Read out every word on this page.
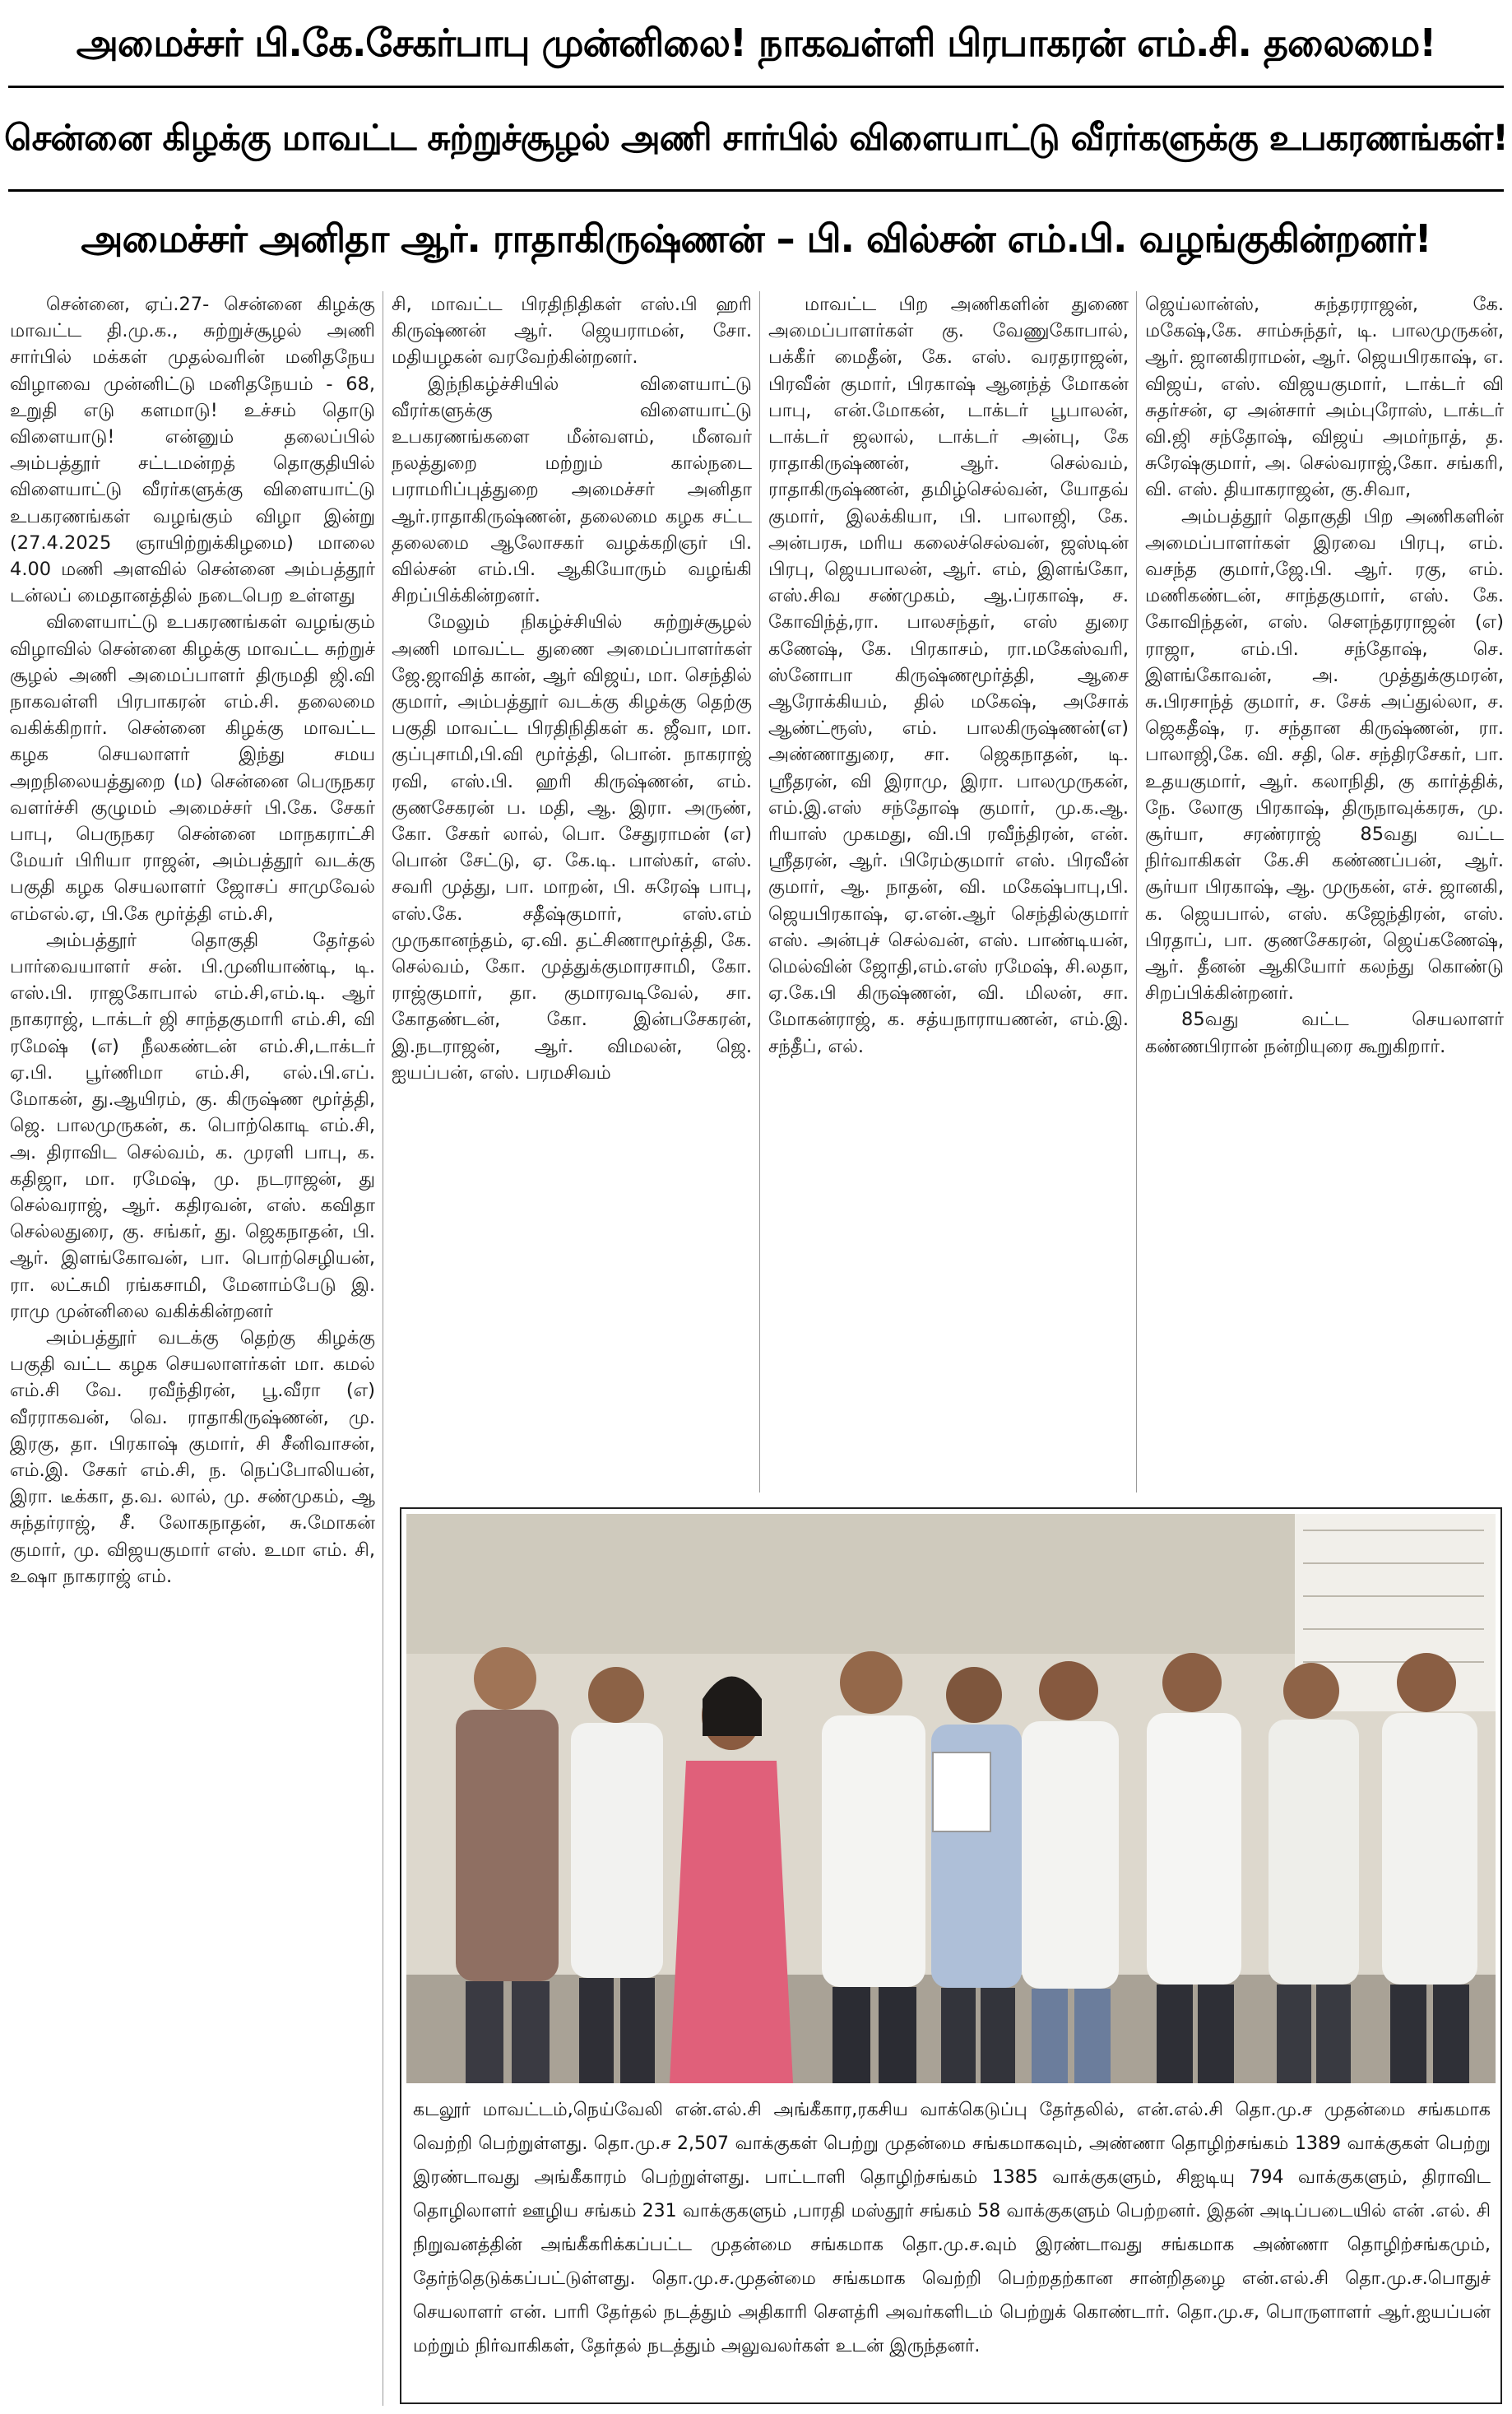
அமைச்சர் பி.கே.சேகர்பாபு முன்னிலை! நாகவள்ளி பிரபாகரன் எம்.சி. தலைமை!
சென்னை கிழக்கு மாவட்ட சுற்றுச்சூழல் அணி சார்பில் விளையாட்டு வீரர்களுக்கு உபகரணங்கள்!
அமைச்சர் அனிதா ஆர். ராதாகிருஷ்ணன் – பி. வில்சன் எம்.பி. வழங்குகின்றனர்!

சென்னை, ஏப்.27- சென்னை கிழக்கு மாவட்ட தி.மு.க., சுற்றுச்சூழல் அணி சார்பில் மக்கள் முதல்வரின் மனிதநேய விழாவை முன்னிட்டு மனிதநேயம் - 68, உறுதி எடு களமாடு! உச்சம் தொடு விளையாடு! என்னும் தலைப்பில் அம்பத்தூர் சட்டமன்றத் தொகுதியில் விளையாட்டு வீரர்களுக்கு விளையாட்டு உபகரணங்கள் வழங்கும் விழா இன்று (27.4.2025 ஞாயிற்றுக்கிழமை) மாலை 4.00 மணி அளவில் சென்னை அம்பத்தூர் டன்லப் மைதானத்தில் நடைபெற உள்ளது

விளையாட்டு உபகரணங்கள் வழங்கும் விழாவில் சென்னை கிழக்கு மாவட்ட சுற்றுச் சூழல் அணி அமைப்பாளர் திருமதி ஜி.வி நாகவள்ளி பிரபாகரன் எம்.சி. தலைமை வகிக்கிறார். சென்னை கிழக்கு மாவட்ட கழக செயலாளர் இந்து சமய அறநிலையத்துறை (ம) சென்னை பெருநகர வளர்ச்சி குழுமம் அமைச்சர் பி.கே. சேகர் பாபு, பெருநகர சென்னை மாநகராட்சி மேயர் பிரியா ராஜன், அம்பத்தூர் வடக்கு பகுதி கழக செயலாளர் ஜோசப் சாமுவேல் எம்எல்.ஏ, பி.கே மூர்த்தி எம்.சி,

அம்பத்தூர் தொகுதி தேர்தல் பார்வையாளர் சன். பி.முனியாண்டி, டி. எஸ்.பி. ராஜகோபால் எம்.சி,எம்.டி. ஆர் நாகராஜ், டாக்டர் ஜி சாந்தகுமாரி எம்.சி, வி ரமேஷ் (எ) நீலகண்டன் எம்.சி,டாக்டர் ஏ.பி. பூர்ணிமா எம்.சி, எல்.பி.எப். மோகன், து.ஆயிரம், கு. கிருஷ்ண மூர்த்தி, ஜெ. பாலமுருகன், க. பொற்கொடி எம்.சி, அ. திராவிட செல்வம், க. முரளி பாபு, க. கதிஜா, மா. ரமேஷ், மு. நடராஜன், து செல்வராஜ், ஆர். கதிரவன், எஸ். கவிதா செல்லதுரை, கு. சங்கர், து. ஜெகநாதன், பி. ஆர். இளங்கோவன், பா. பொற்செழியன், ரா. லட்சுமி ரங்கசாமி, மேனாம்பேடு இ. ராமு முன்னிலை வகிக்கின்றனர்

அம்பத்தூர் வடக்கு தெற்கு கிழக்கு பகுதி வட்ட கழக செயலாளர்கள் மா. கமல் எம்.சி வே. ரவீந்திரன், பூ.வீரா (எ) வீரராகவன், வெ. ராதாகிருஷ்ணன், மு. இரகு, தா. பிரகாஷ் குமார், சி சீனிவாசன், எம்.இ. சேகர் எம்.சி, ந. நெப்போலியன், இரா. டீக்கா, த.வ. லால், மு. சண்முகம், ஆ சுந்தர்ராஜ், சீ. லோகநாதன், சு.மோகன் குமார், மு. விஜயகுமார் எஸ். உமா எம். சி, உஷா நாகராஜ் எம்.

சி, மாவட்ட பிரதிநிதிகள் எஸ்.பி ஹரி கிருஷ்ணன் ஆர். ஜெயராமன், சோ. மதியழகன் வரவேற்கின்றனர்.

இந்நிகழ்ச்சியில் விளையாட்டு வீரர்களுக்கு விளையாட்டு உபகரணங்களை மீன்வளம், மீனவர் நலத்துறை மற்றும் கால்நடை பராமரிப்புத்துறை அமைச்சர் அனிதா ஆர்.ராதாகிருஷ்ணன், தலைமை கழக சட்ட தலைமை ஆலோசகர் வழக்கறிஞர் பி. வில்சன் எம்.பி. ஆகியோரும் வழங்கி சிறப்பிக்கின்றனர்.

மேலும் நிகழ்ச்சியில் சுற்றுச்சூழல் அணி மாவட்ட துணை அமைப்பாளர்கள் ஜே.ஜாவித் கான், ஆர் விஜய், மா. செந்தில் குமார், அம்பத்தூர் வடக்கு கிழக்கு தெற்கு பகுதி மாவட்ட பிரதிநிதிகள் க. ஜீவா, மா. குப்புசாமி,பி.வி மூர்த்தி, பொன். நாகராஜ் ரவி, எஸ்.பி. ஹரி கிருஷ்ணன், எம். குணசேகரன் ப. மதி, ஆ. இரா. அருண், கோ. சேகர் லால், பொ. சேதுராமன் (எ) பொன் சேட்டு, ஏ. கே.டி. பாஸ்கர், எஸ். சவரி முத்து, பா. மாறன், பி. சுரேஷ் பாபு, எஸ்.கே. சதீஷ்குமார், எஸ்.எம் முருகானந்தம், ஏ.வி. தட்சிணாமூர்த்தி, கே. செல்வம், கோ. முத்துக்குமாரசாமி, கோ. ராஜ்குமார், தா. குமாரவடிவேல், சா. கோதண்டன், கோ. இன்பசேகரன், இ.நடராஜன், ஆர். விமலன், ஜெ. ஐயப்பன், எஸ். பரமசிவம்

மாவட்ட பிற அணிகளின் துணை அமைப்பாளர்கள் கு. வேணுகோபால், பக்கீர் மைதீன், கே. எஸ். வரதராஜன், பிரவீன் குமார், பிரகாஷ் ஆனந்த் மோகன் பாபு, என்.மோகன், டாக்டர் பூபாலன், டாக்டர் ஜலால், டாக்டர் அன்பு, கே ராதாகிருஷ்ணன், ஆர். செல்வம், ராதாகிருஷ்ணன், தமிழ்செல்வன், யோதவ் குமார், இலக்கியா, பி. பாலாஜி, கே. அன்பரசு, மரிய கலைச்செல்வன், ஜஸ்டின் பிரபு, ஜெயபாலன், ஆர். எம், இளங்கோ, எஸ்.சிவ சண்முகம், ஆ.ப்ரகாஷ், ச. கோவிந்த்,ரா. பாலசந்தர், எஸ் துரை கணேஷ், கே. பிரகாசம், ரா.மகேஸ்வரி, ஸ்னோபா கிருஷ்ணமூர்த்தி, ஆசை ஆரோக்கியம், தில் மகேஷ், அசோக் ஆண்ட்ரூஸ், எம். பாலகிருஷ்ணன்(எ) அண்ணாதுரை, சா. ஜெகநாதன், டி. ஸ்ரீதரன், வி இராமு, இரா. பாலமுருகன், எம்.இ.எஸ் சந்தோஷ் குமார், மு.க.ஆ. ரியாஸ் முகமது, வி.பி ரவீந்திரன், என். ஸ்ரீதரன், ஆர். பிரேம்குமார் எஸ். பிரவீன் குமார், ஆ. நாதன், வி. மகேஷ்பாபு,பி. ஜெயபிரகாஷ், ஏ.என்.ஆர் செந்தில்குமார் எஸ். அன்புச் செல்வன், எஸ். பாண்டியன், மெல்வின் ஜோதி,எம்.எஸ் ரமேஷ், சி.லதா, ஏ.கே.பி கிருஷ்ணன், வி. மிலன், சா. மோகன்ராஜ், க. சத்யநாராயணன், எம்.இ. சந்தீப், எல்.

ஜெய்லான்ஸ், சுந்தரராஜன், கே. மகேஷ்,கே. சாம்சுந்தர், டி. பாலமுருகன், ஆர். ஜானகிராமன், ஆர். ஜெயபிரகாஷ், எ. விஜய், எஸ். விஜயகுமார், டாக்டர் வி சுதர்சன், ஏ அன்சார் அம்புரோஸ், டாக்டர் வி.ஜி சந்தோஷ், விஜய் அமர்நாத், த. சுரேஷ்குமார், அ. செல்வராஜ்,கோ. சங்கரி, வி. எஸ். தியாகராஜன், கு.சிவா,

அம்பத்தூர் தொகுதி பிற அணிகளின் அமைப்பாளர்கள் இரவை பிரபு, எம். வசந்த குமார்,ஜே.பி. ஆர். ரகு, எம். மணிகண்டன், சாந்தகுமார், எஸ். கே. கோவிந்தன், எஸ். சௌந்தரராஜன் (எ) ராஜா, எம்.பி. சந்தோஷ், செ. இளங்கோவன், அ. முத்துக்குமரன், சு.பிரசாந்த் குமார், ச. சேக் அப்துல்லா, ச. ஜெகதீஷ், ர. சந்தான கிருஷ்ணன், ரா. பாலாஜி,கே. வி. சதி, செ. சந்திரசேகர், பா. உதயகுமார், ஆர். கலாநிதி, கு கார்த்திக், நே. லோகு பிரகாஷ், திருநாவுக்கரசு, மு. சூர்யா, சரண்ராஜ் 85வது வட்ட நிர்வாகிகள் கே.சி கண்ணப்பன், ஆர். சூர்யா பிரகாஷ், ஆ. முருகன், எச். ஜானகி, க. ஜெயபால், எஸ். கஜேந்திரன், எஸ். பிரதாப், பா. குணசேகரன், ஜெய்கணேஷ், ஆர். தீனன் ஆகியோர் கலந்து கொண்டு சிறப்பிக்கின்றனர்.

85வது வட்ட செயலாளர் கண்ணபிரான் நன்றியுரை கூறுகிறார்.

கடலூர் மாவட்டம்,நெய்வேலி என்.எல்.சி அங்கீகார,ரகசிய வாக்கெடுப்பு தேர்தலில், என்.எல்.சி தொ.மு.ச முதன்மை சங்கமாக வெற்றி பெற்றுள்ளது. தொ.மு.ச 2,507 வாக்குகள் பெற்று முதன்மை சங்கமாகவும், அண்ணா தொழிற்சங்கம் 1389 வாக்குகள் பெற்று இரண்டாவது அங்கீகாரம் பெற்றுள்ளது. பாட்டாளி தொழிற்சங்கம் 1385 வாக்குகளும், சிஐடியு 794 வாக்குகளும், திராவிட தொழிலாளர் ஊழிய சங்கம் 231 வாக்குகளும் ,பாரதி மஸ்தூர் சங்கம் 58 வாக்குகளும் பெற்றனர். இதன் அடிப்படையில் என் .எல். சி நிறுவனத்தின் அங்கீகரிக்கப்பட்ட முதன்மை சங்கமாக தொ.மு.ச.வும் இரண்டாவது சங்கமாக அண்ணா தொழிற்சங்கமும், தேர்ந்தெடுக்கப்பட்டுள்ளது. தொ.மு.ச.முதன்மை சங்கமாக வெற்றி பெற்றதற்கான சான்றிதழை என்.எல்.சி தொ.மு.ச.பொதுச் செயலாளர் என். பாரி தேர்தல் நடத்தும் அதிகாரி சௌத்ரி அவர்களிடம் பெற்றுக் கொண்டார். தொ.மு.ச, பொருளாளர் ஆர்.ஐயப்பன் மற்றும் நிர்வாகிகள், தேர்தல் நடத்தும் அலுவலர்கள் உடன் இருந்தனர்.
